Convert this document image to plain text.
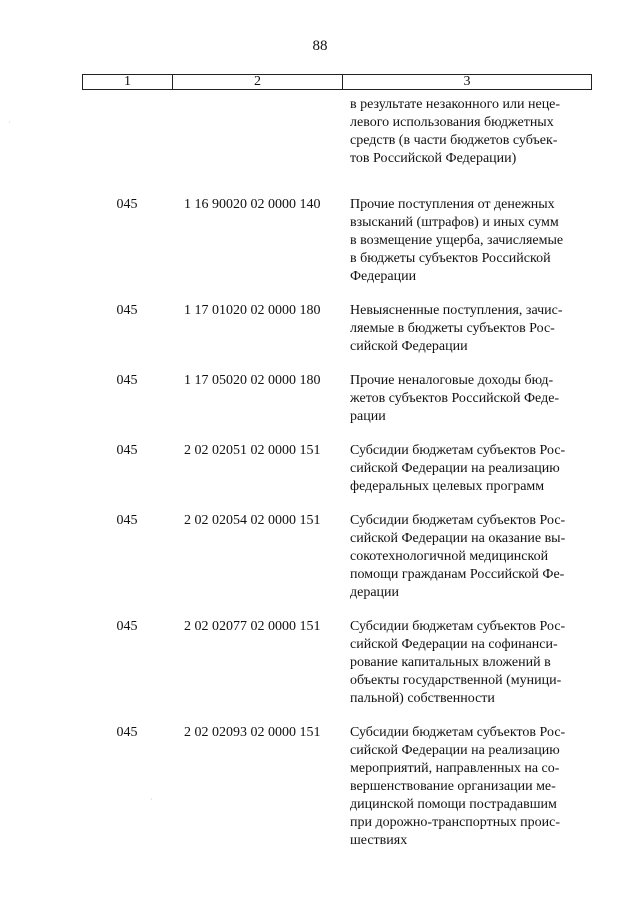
88
1	2	3
в результате незаконного или неце-
левого использования бюджетных
средств (в части бюджетов субъек-
тов Российской Федерации)
045	1 16 90020 02 0000 140	Прочие поступления от денежных
взысканий (штрафов) и иных сумм
в возмещение ущерба, зачисляемые
в бюджеты субъектов Российской
Федерации
045	1 17 01020 02 0000 180	Невыясненные поступления, зачис-
ляемые в бюджеты субъектов Рос-
сийской Федерации
045	1 17 05020 02 0000 180	Прочие неналоговые доходы бюд-
жетов субъектов Российской Феде-
рации
045	2 02 02051 02 0000 151	Субсидии бюджетам субъектов Рос-
сийской Федерации на реализацию
федеральных целевых программ
045	2 02 02054 02 0000 151	Субсидии бюджетам субъектов Рос-
сийской Федерации на оказание вы-
сокотехнологичной медицинской
помощи гражданам Российской Фе-
дерации
045	2 02 02077 02 0000 151	Субсидии бюджетам субъектов Рос-
сийской Федерации на софинанси-
рование капитальных вложений в
объекты государственной (муници-
пальной) собственности
045	2 02 02093 02 0000 151	Субсидии бюджетам субъектов Рос-
сийской Федерации на реализацию
мероприятий, направленных на со-
вершенствование организации ме-
дицинской помощи пострадавшим
при дорожно-транспортных проис-
шествиях
·
·
